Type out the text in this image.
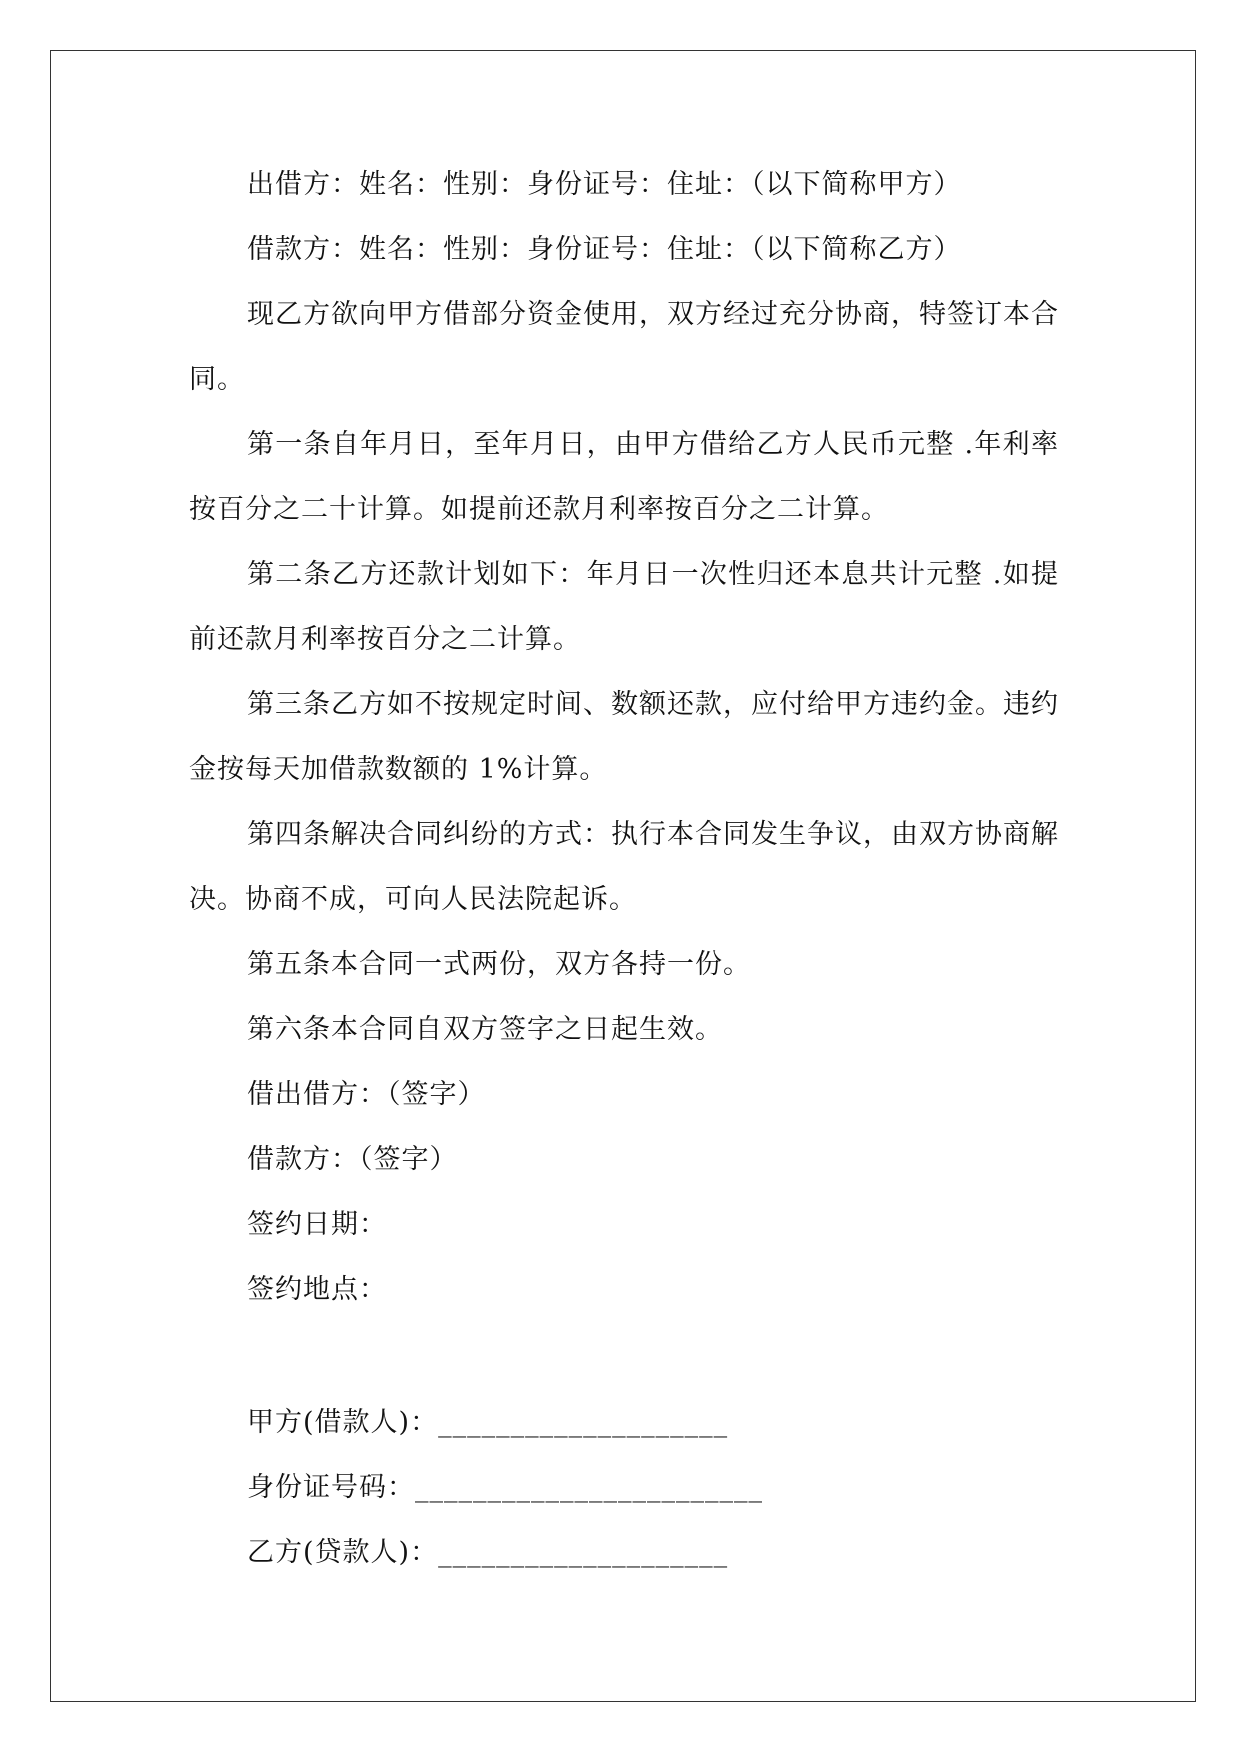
出借方：姓名：性别：身份证号：住址：（以下简称甲方）
借款方：姓名：性别：身份证号：住址：（以下简称乙方）
现乙方欲向甲方借部分资金使用，双方经过充分协商，特签订本合同。
第一条自年月日，至年月日，由甲方借给乙方人民币元整 .年利率按百分之二十计算。如提前还款月利率按百分之二计算。
第二条乙方还款计划如下：年月日一次性归还本息共计元整 .如提前还款月利率按百分之二计算。
第三条乙方如不按规定时间、数额还款，应付给甲方违约金。违约金按每天加借款数额的 1%计算。
第四条解决合同纠纷的方式：执行本合同发生争议，由双方协商解决。协商不成，可向人民法院起诉。
第五条本合同一式两份，双方各持一份。
第六条本合同自双方签字之日起生效。
借出借方：（签字）
借款方：（签字）
签约日期：
签约地点：
甲方(借款人)：____________________
身份证号码：________________________
乙方(贷款人)：____________________
